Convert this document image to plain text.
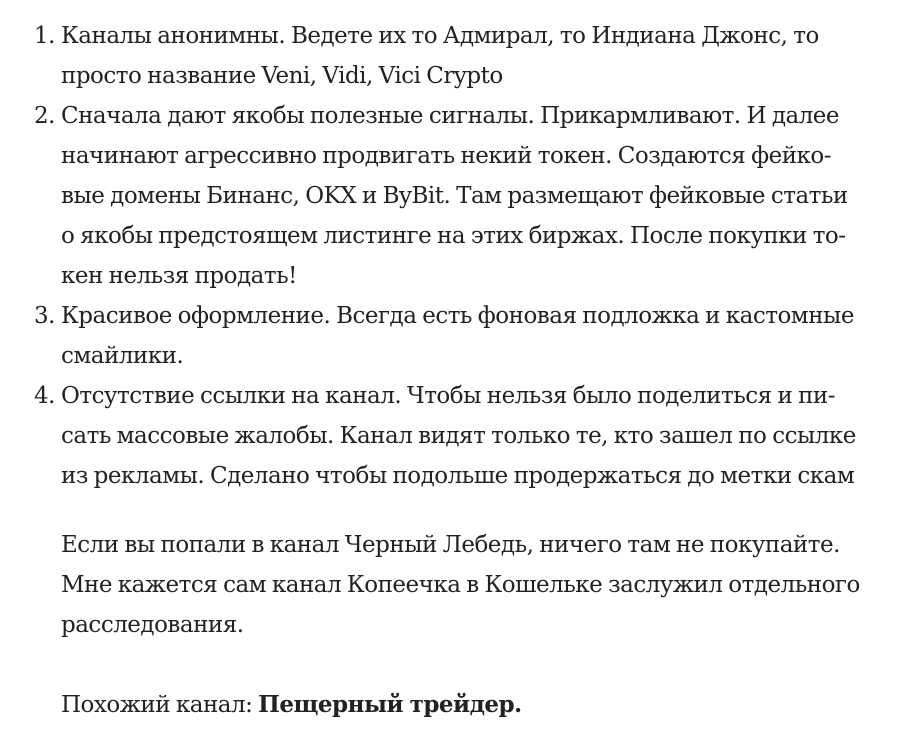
1. Каналы анонимны. Ведете их то Адмирал, то Индиана Джонс, то
просто название Veni, Vidi, Vici Crypto
2. Сначала дают якобы полезные сигналы. Прикармливают. И далее
начинают агрессивно продвигать некий токен. Создаются фейко-
вые домены Бинанс, OKX и ByBit. Там размещают фейковые статьи
о якобы предстоящем листинге на этих биржах. После покупки то-
кен нельзя продать!
3. Красивое оформление. Всегда есть фоновая подложка и кастомные
смайлики.
4. Отсутствие ссылки на канал. Чтобы нельзя было поделиться и пи-
сать массовые жалобы. Канал видят только те, кто зашел по ссылке
из рекламы. Сделано чтобы подольше продержаться до метки скам

Если вы попали в канал Черный Лебедь, ничего там не покупайте.
Мне кажется сам канал Копеечка в Кошельке заслужил отдельного
расследования.

Похожий канал: Пещерный трейдер.
